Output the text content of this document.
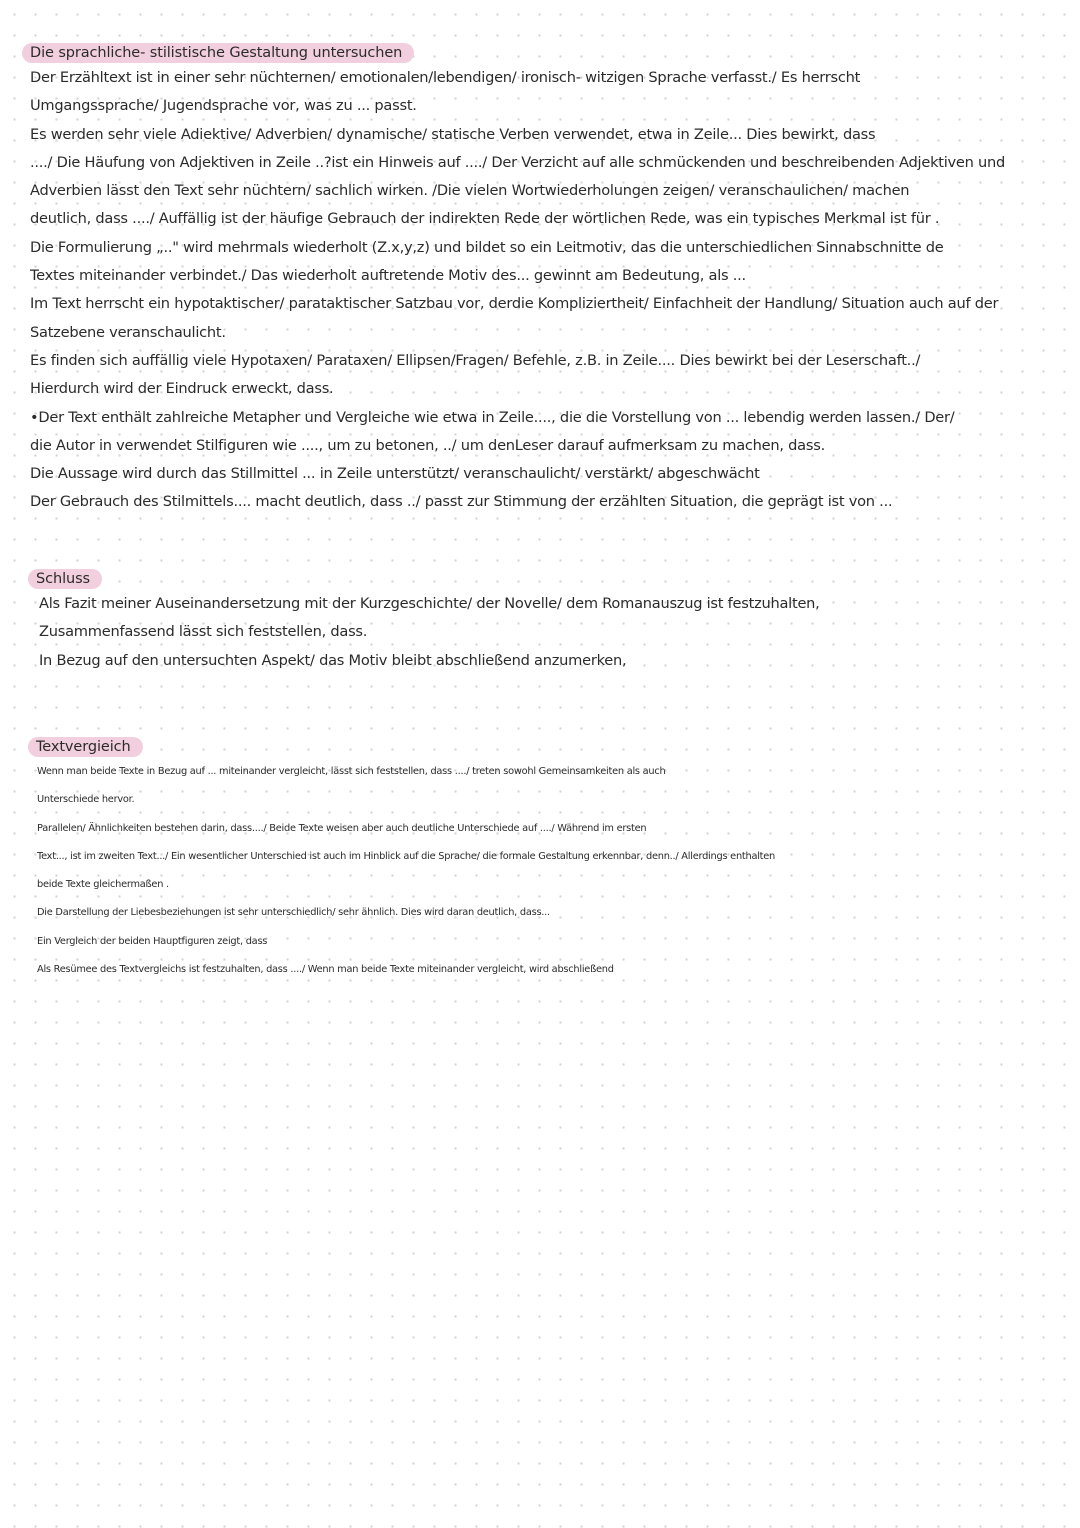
Die sprachliche- stilistische Gestaltung untersuchen
Der Erzähltext ist in einer sehr nüchternen/ emotionalen/lebendigen/ ironisch- witzigen Sprache verfasst./ Es herrscht
Umgangssprache/ Jugendsprache vor, was zu ... passt.
Es werden sehr viele Adiektive/ Adverbien/ dynamische/ statische Verben verwendet, etwa in Zeile... Dies bewirkt, dass
..../ Die Häufung von Adjektiven in Zeile ..?ist ein Hinweis auf ..../ Der Verzicht auf alle schmückenden und beschreibenden Adjektiven und
Adverbien lässt den Text sehr nüchtern/ sachlich wirken. /Die vielen Wortwiederholungen zeigen/ veranschaulichen/ machen
deutlich, dass ..../ Auffällig ist der häufige Gebrauch der indirekten Rede der wörtlichen Rede, was ein typisches Merkmal ist für .
Die Formulierung „.." wird mehrmals wiederholt (Z.x,y,z) und bildet so ein Leitmotiv, das die unterschiedlichen Sinnabschnitte de
Textes miteinander verbindet./ Das wiederholt auftretende Motiv des... gewinnt am Bedeutung, als ...
Im Text herrscht ein hypotaktischer/ parataktischer Satzbau vor, derdie Kompliziertheit/ Einfachheit der Handlung/ Situation auch auf der
Satzebene veranschaulicht.
Es finden sich auffällig viele Hypotaxen/ Parataxen/ Ellipsen/Fragen/ Befehle, z.B. in Zeile.... Dies bewirkt bei der Leserschaft../
Hierdurch wird der Eindruck erweckt, dass.
•Der Text enthält zahlreiche Metapher und Vergleiche wie etwa in Zeile...., die die Vorstellung von ... lebendig werden lassen./ Der/
die Autor in verwendet Stilfiguren wie ...., um zu betonen, ../ um denLeser darauf aufmerksam zu machen, dass.
Die Aussage wird durch das Stillmittel ... in Zeile unterstützt/ veranschaulicht/ verstärkt/ abgeschwächt
Der Gebrauch des Stilmittels.... macht deutlich, dass ../ passt zur Stimmung der erzählten Situation, die geprägt ist von ...
Schluss
Als Fazit meiner Auseinandersetzung mit der Kurzgeschichte/ der Novelle/ dem Romanauszug ist festzuhalten,
Zusammenfassend lässt sich feststellen, dass.
In Bezug auf den untersuchten Aspekt/ das Motiv bleibt abschließend anzumerken,
Textvergieich
Wenn man beide Texte in Bezug auf ... miteinander vergleicht, lässt sich feststellen, dass ..../ treten sowohl Gemeinsamkeiten als auch
Unterschiede hervor.
Parallelen/ Ähnlichkeiten bestehen darin, dass..../ Beide Texte weisen aber auch deutliche Unterschiede auf ..../ Während im ersten
Text..., ist im zweiten Text.../ Ein wesentlicher Unterschied ist auch im Hinblick auf die Sprache/ die formale Gestaltung erkennbar, denn../ Allerdings enthalten
beide Texte gleichermaßen .
Die Darstellung der Liebesbeziehungen ist sehr unterschiedlich/ sehr ähnlich. Dies wird daran deutlich, dass...
Ein Vergleich der beiden Hauptfiguren zeigt, dass
Als Resümee des Textvergleichs ist festzuhalten, dass ..../ Wenn man beide Texte miteinander vergleicht, wird abschließend
